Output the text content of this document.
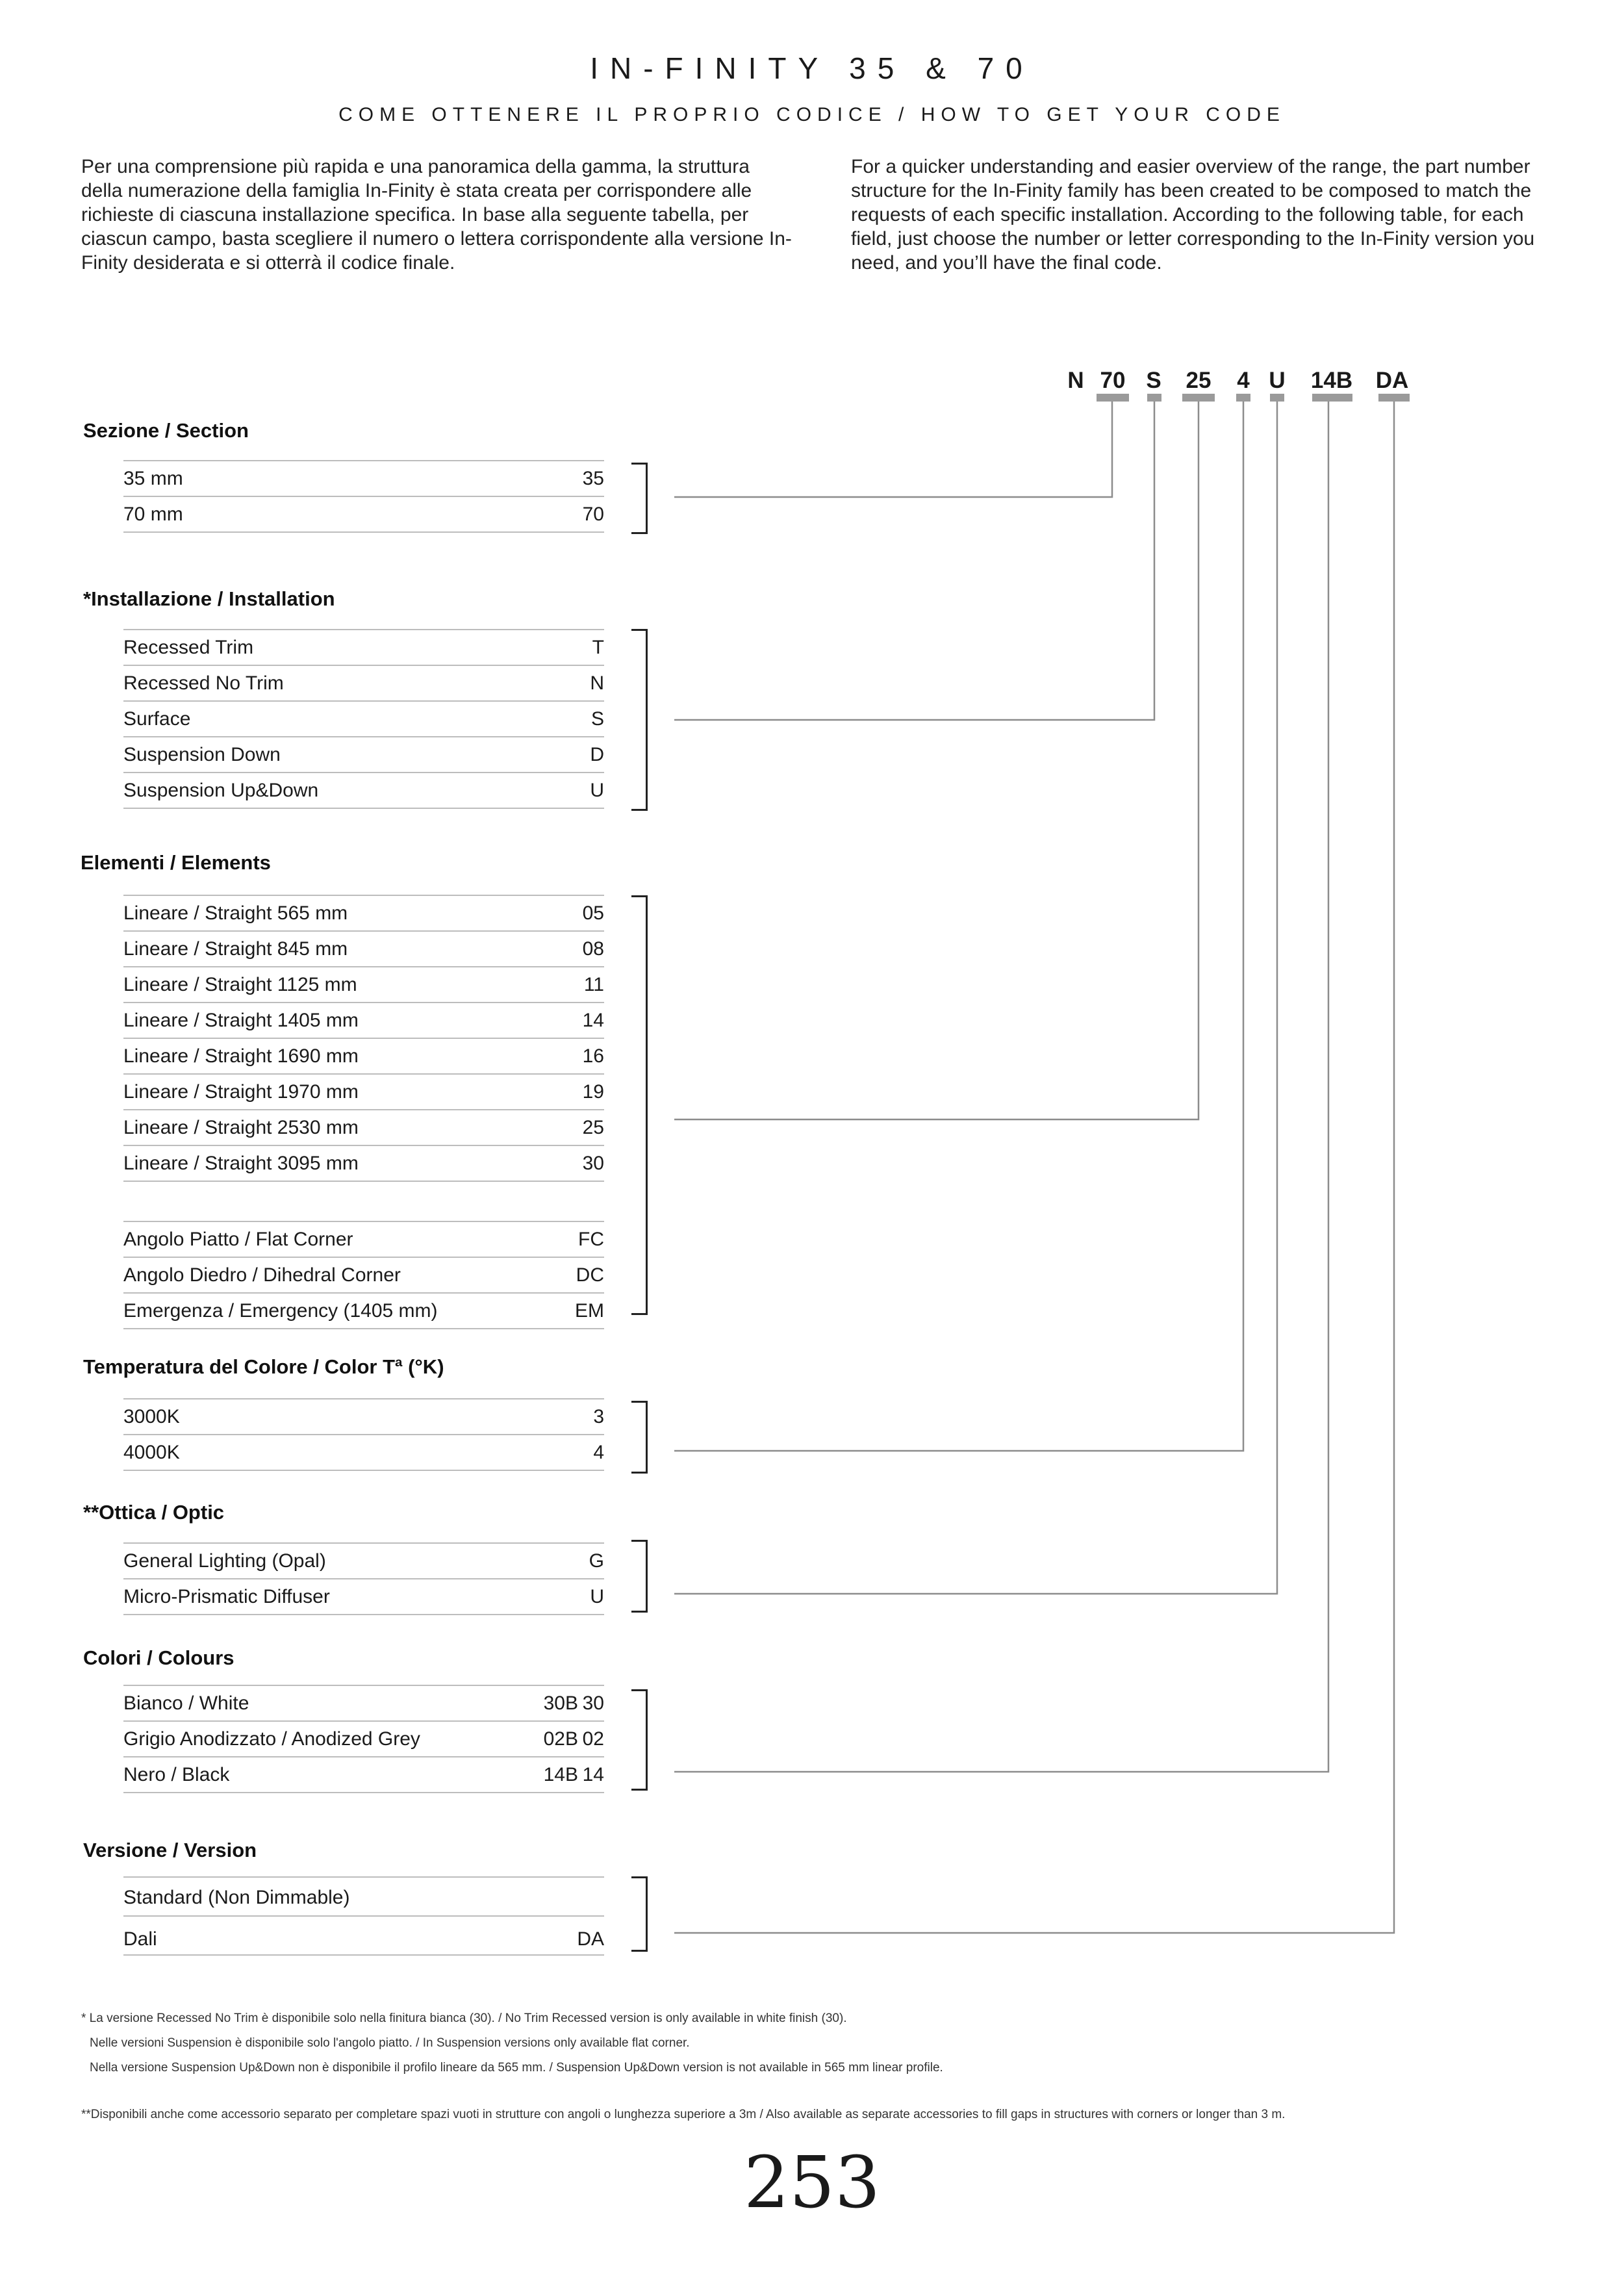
IN-FINITY 35 & 70
COME OTTENERE IL PROPRIO CODICE / HOW TO GET YOUR CODE
Per una comprensione più rapida e una panoramica della gamma, la struttura della numerazione della famiglia In-Finity è stata creata per corrispondere alle richieste di ciascuna installazione specifica. In base alla seguente tabella, per ciascun campo, basta scegliere il numero o lettera corrispondente alla versione In-Finity desiderata e si otterrà il codice finale.
For a quicker understanding and easier overview of the range, the part number structure for the In-Finity family has been created to be composed to match the requests of each specific installation. According to the following table, for each field, just choose the number or letter corresponding to the In-Finity version you need, and you’ll have the final code.
N 70 S	25	4 U 14B DA
Sezione / Section
35 mm	35
70 mm	70
*Installazione / Installation
Recessed Trim	T
Recessed No Trim	N
Surface	S
Suspension Down	D
Suspension Up&Down	U
Elementi / Elements
Lineare / Straight 565 mm	05
Lineare / Straight 845 mm	08
Lineare / Straight 1125 mm	11
Lineare / Straight 1405 mm	14
Lineare / Straight 1690 mm	16
Lineare / Straight 1970 mm	19
Lineare / Straight 2530 mm	25
Lineare / Straight 3095 mm	30
Angolo Piatto / Flat Corner	FC
Angolo Diedro / Dihedral Corner	DC
Emergenza / Emergency (1405 mm)	EM
Temperatura del Colore / Color Tª (°K)
3000K	3
4000K	4
**Ottica / Optic
General Lighting (Opal)	G
Micro-Prismatic Diffuser	U
Colori / Colours
Bianco / White	30B 30
Grigio Anodizzato / Anodized Grey	02B 02
Nero / Black	14B 14
Versione / Version
Standard (Non Dimmable)
Dali	DA
* La versione Recessed No Trim è disponibile solo nella finitura bianca (30). / No Trim Recessed version is only available in white finish (30).
Nelle versioni Suspension è disponibile solo l'angolo piatto. / In Suspension versions only available flat corner.
Nella versione Suspension Up&Down non è disponibile il profilo lineare da 565 mm. / Suspension Up&Down version is not available in 565 mm linear profile.
**Disponibili anche come accessorio separato per completare spazi vuoti in strutture con angoli o lunghezza superiore a 3m / Also available as separate accessories to fill gaps in structures with corners or longer than 3 m.
253
